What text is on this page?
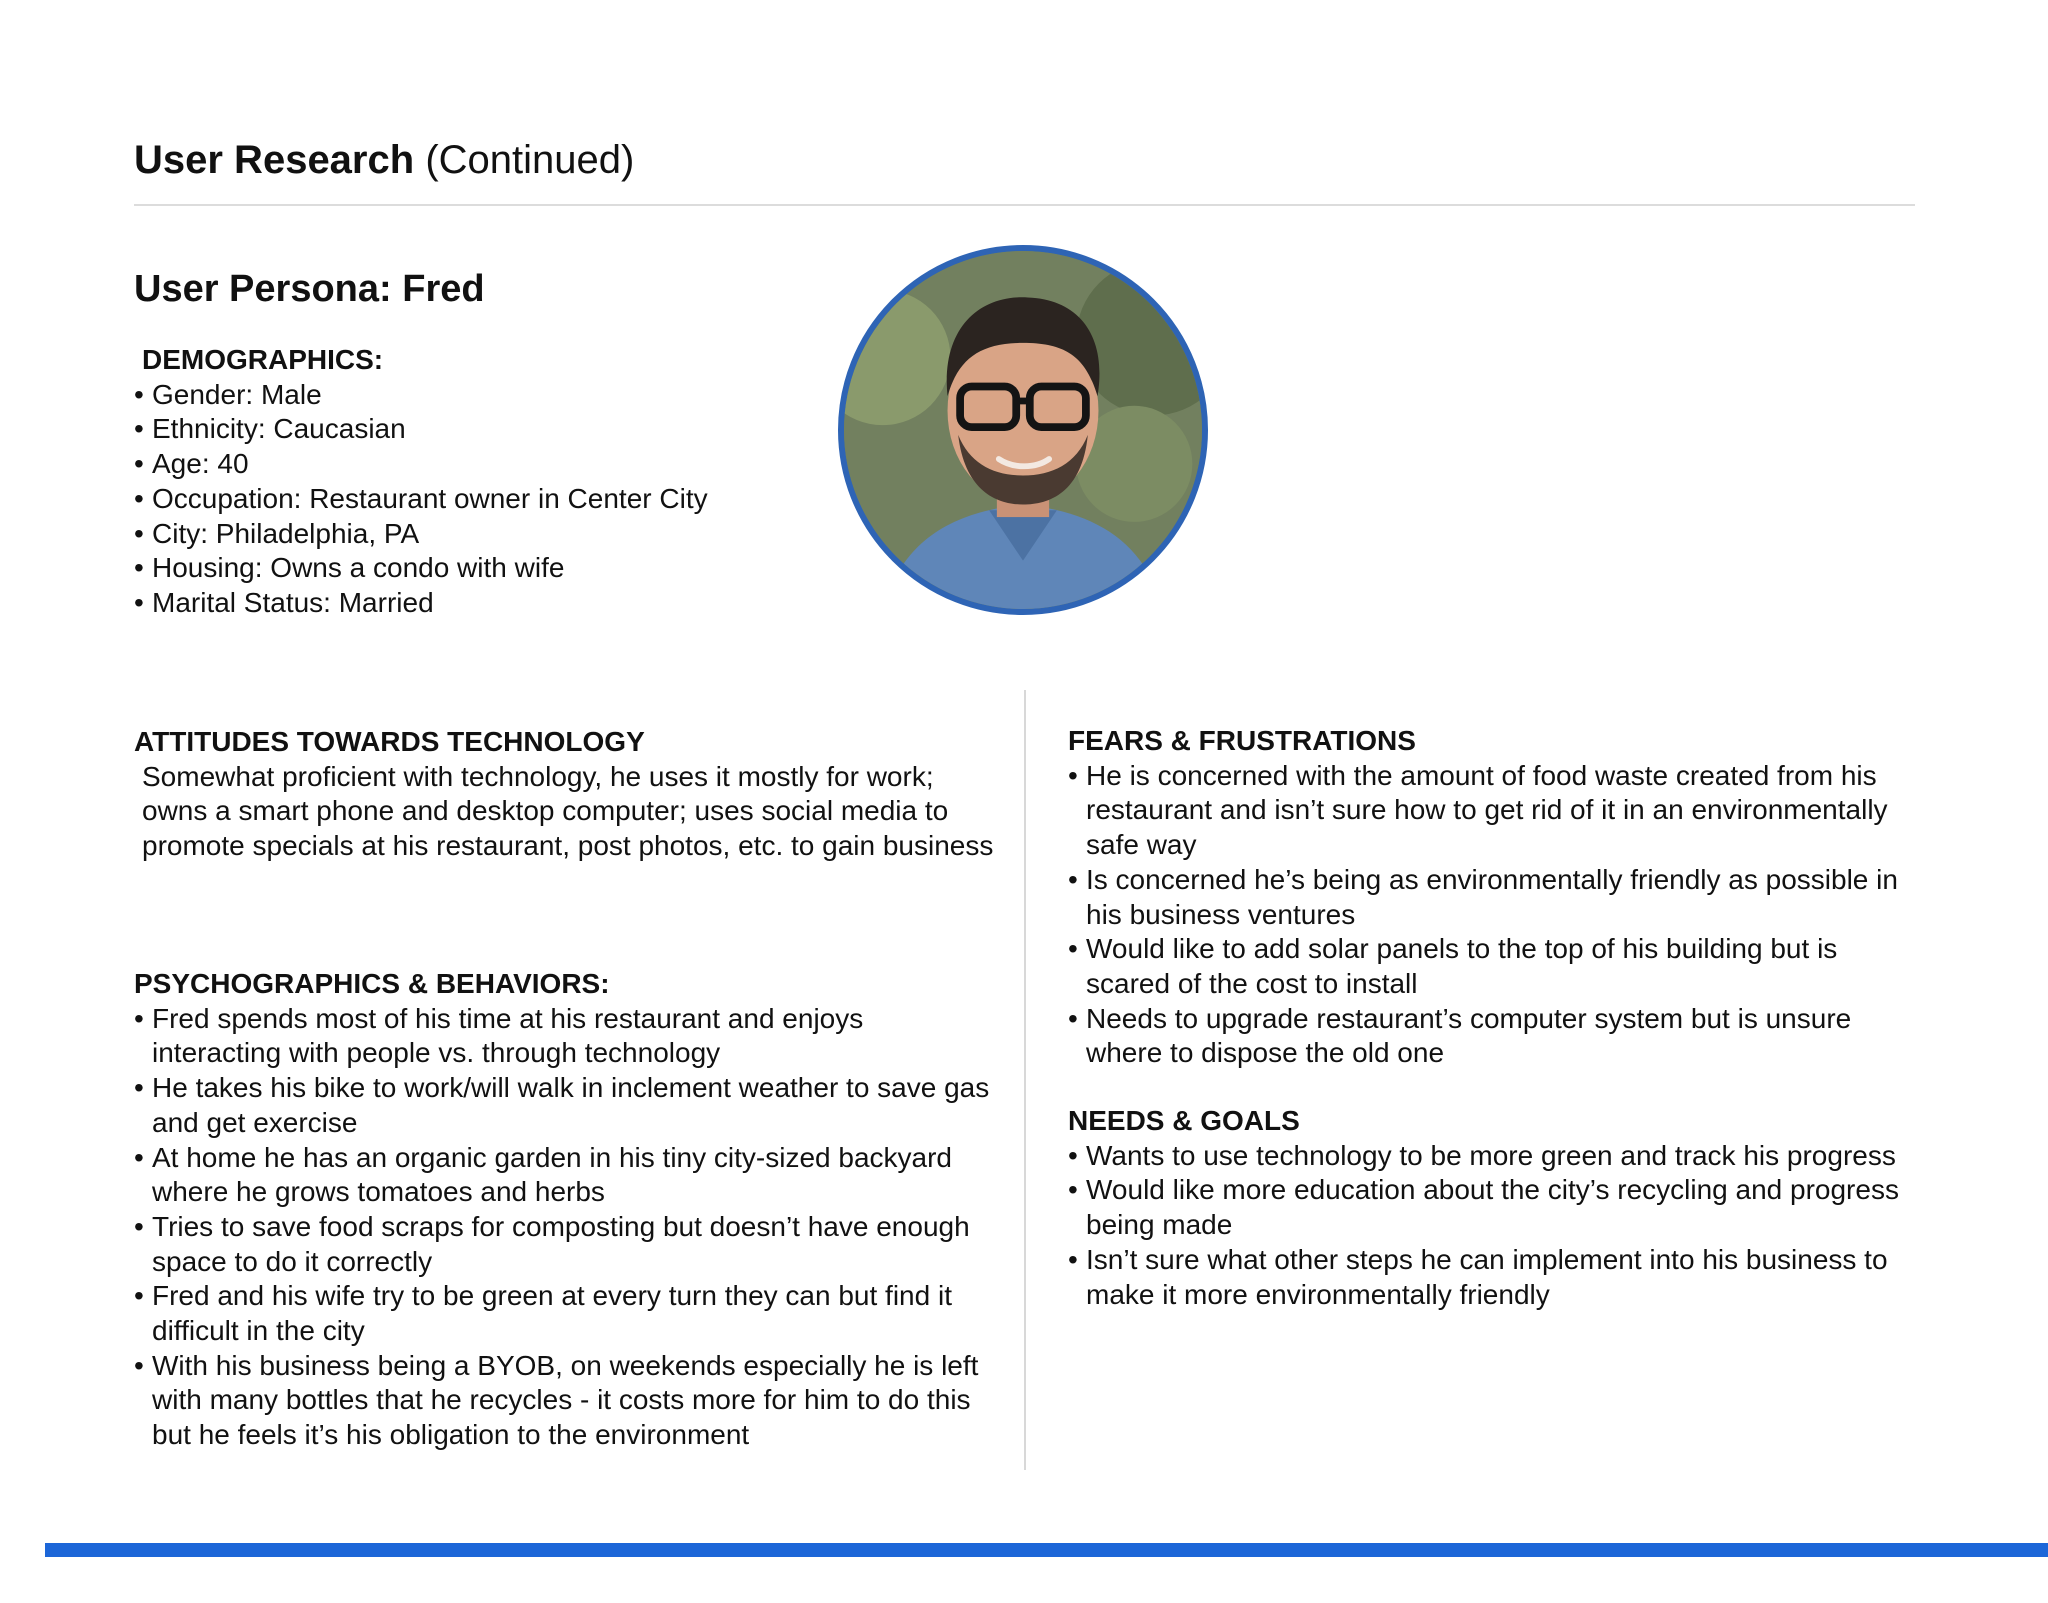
User Research (Continued)
User Persona: Fred
DEMOGRAPHICS:
• Gender: Male
• Ethnicity: Caucasian
• Age: 40
• Occupation: Restaurant owner in Center City
• City: Philadelphia, PA
• Housing: Owns a condo with wife
• Marital Status: Married
ATTITUDES TOWARDS TECHNOLOGY

Somewhat proficient with technology, he uses it mostly for work; owns a smart phone and desktop computer; uses social media to promote specials at his restaurant, post photos, etc. to gain business

PSYCHOGRAPHICS & BEHAVIORS:
• Fred spends most of his time at his restaurant and enjoys interacting with people vs. through technology
• He takes his bike to work/will walk in inclement weather to save gas and get exercise
• At home he has an organic garden in his tiny city-sized backyard where he grows tomatoes and herbs
• Tries to save food scraps for composting but doesn’t have enough space to do it correctly
• Fred and his wife try to be green at every turn they can but find it difficult in the city
• With his business being a BYOB, on weekends especially he is left with many bottles that he recycles - it costs more for him to do this but he feels it’s his obligation to the environment
FEARS & FRUSTRATIONS
• He is concerned with the amount of food waste created from his restaurant and isn’t sure how to get rid of it in an environmentally safe way
• Is concerned he’s being as environmentally friendly as possible in his business ventures
• Would like to add solar panels to the top of his building but is scared of the cost to install
• Needs to upgrade restaurant’s computer system but is unsure where to dispose the old one
NEEDS & GOALS
• Wants to use technology to be more green and track his progress
• Would like more education about the city’s recycling and progress being made
• Isn’t sure what other steps he can implement into his business to make it more environmentally friendly
